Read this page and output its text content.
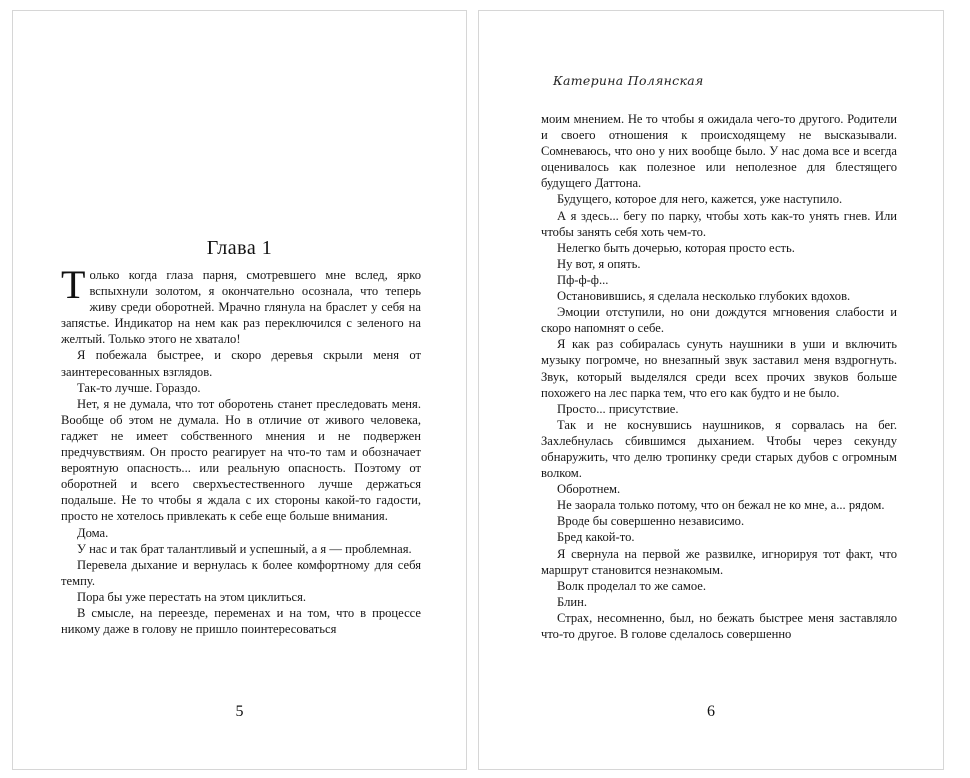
Глава 1

Только когда глаза парня, смотревшего мне вслед, ярко вспыхнули золотом, я окончательно осознала, что теперь живу среди оборотней. Мрачно глянула на браслет у себя на запястье. Индикатор на нем как раз переключился с зеленого на желтый. Только этого не хватало!

Я побежала быстрее, и скоро деревья скрыли меня от заинтересованных взглядов.

Так-то лучше. Гораздо.

Нет, я не думала, что тот оборотень станет преследовать меня. Вообще об этом не думала. Но в отличие от живого человека, гаджет не имеет собственного мнения и не подвержен предчувствиям. Он просто реагирует на что-то там и обозначает вероятную опасность... или реальную опасность. Поэтому от оборотней и всего сверхъестественного лучше держаться подальше. Не то чтобы я ждала с их стороны какой-то гадости, просто не хотелось привлекать к себе еще больше внимания.

Дома.

У нас и так брат талантливый и успешный, а я — проблемная.

Перевела дыхание и вернулась к более комфортному для себя темпу.

Пора бы уже перестать на этом циклиться.

В смысле, на переезде, переменах и на том, что в процессе никому даже в голову не пришло поинтересоваться

5
Катерина Полянская

моим мнением. Не то чтобы я ожидала чего-то другого. Родители и своего отношения к происходящему не высказывали. Сомневаюсь, что оно у них вообще было. У нас дома все и всегда оценивалось как полезное или неполезное для блестящего будущего Даттона.

Будущего, которое для него, кажется, уже наступило.

А я здесь... бегу по парку, чтобы хоть как-то унять гнев. Или чтобы занять себя хоть чем-то.

Нелегко быть дочерью, которая просто есть.

Ну вот, я опять.

Пф-ф-ф...

Остановившись, я сделала несколько глубоких вдохов.

Эмоции отступили, но они дождутся мгновения слабости и скоро напомнят о себе.

Я как раз собиралась сунуть наушники в уши и включить музыку погромче, но внезапный звук заставил меня вздрогнуть. Звук, который выделялся среди всех прочих звуков больше похожего на лес парка тем, что его как будто и не было.

Просто... присутствие.

Так и не коснувшись наушников, я сорвалась на бег. Захлебнулась сбившимся дыханием. Чтобы через секунду обнаружить, что делю тропинку среди старых дубов с огромным волком.

Оборотнем.

Не заорала только потому, что он бежал не ко мне, а... рядом.

Вроде бы совершенно независимо.

Бред какой-то.

Я свернула на первой же развилке, игнорируя тот факт, что маршрут становится незнакомым.

Волк проделал то же самое.

Блин.

Страх, несомненно, был, но бежать быстрее меня заставляло что-то другое. В голове сделалось совершенно

6
